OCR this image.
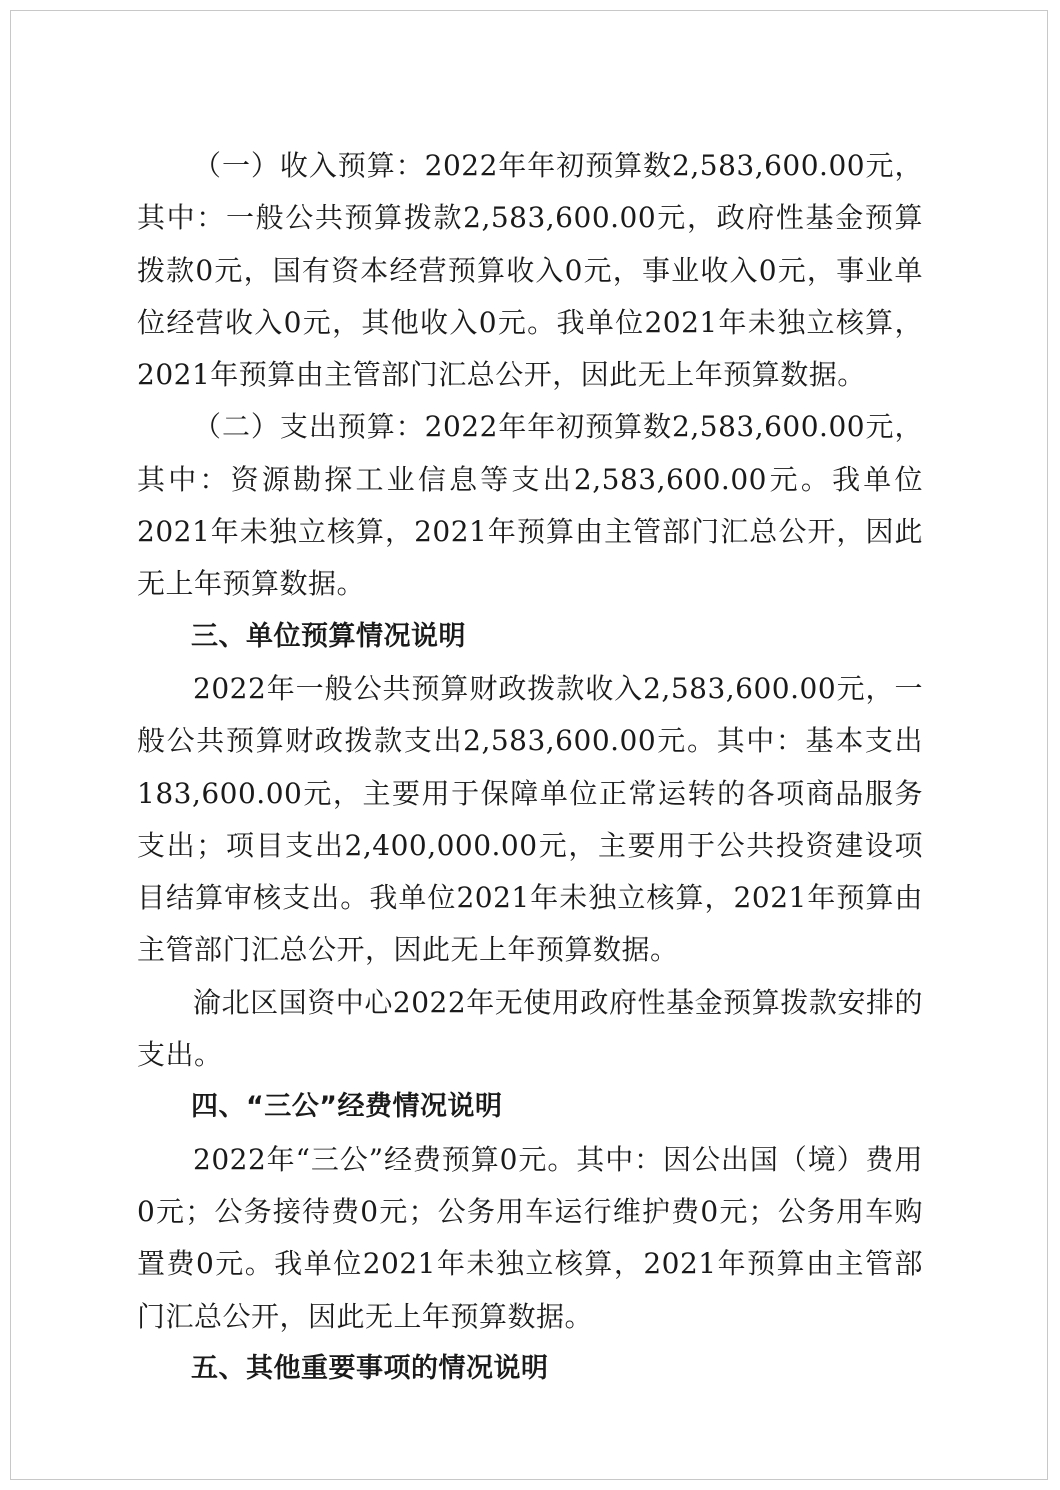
（一）收入预算：2022年年初预算数2,583,600.00元，其中：一般公共预算拨款2,583,600.00元，政府性基金预算拨款0元，国有资本经营预算收入0元，事业收入0元，事业单位经营收入0元，其他收入0元。我单位2021年未独立核算，2021年预算由主管部门汇总公开，因此无上年预算数据。

（二）支出预算：2022年年初预算数2,583,600.00元，其中：资源勘探工业信息等支出2,583,600.00元。我单位2021年未独立核算，2021年预算由主管部门汇总公开，因此无上年预算数据。

三、单位预算情况说明

2022年一般公共预算财政拨款收入2,583,600.00元，一般公共预算财政拨款支出2,583,600.00元。其中：基本支出183,600.00元，主要用于保障单位正常运转的各项商品服务支出；项目支出2,400,000.00元，主要用于公共投资建设项目结算审核支出。我单位2021年未独立核算，2021年预算由主管部门汇总公开，因此无上年预算数据。

渝北区国资中心2022年无使用政府性基金预算拨款安排的支出。

四、“三公”经费情况说明

2022年“三公”经费预算0元。其中：因公出国（境）费用0元；公务接待费0元；公务用车运行维护费0元；公务用车购置费0元。我单位2021年未独立核算，2021年预算由主管部门汇总公开，因此无上年预算数据。

五、其他重要事项的情况说明
